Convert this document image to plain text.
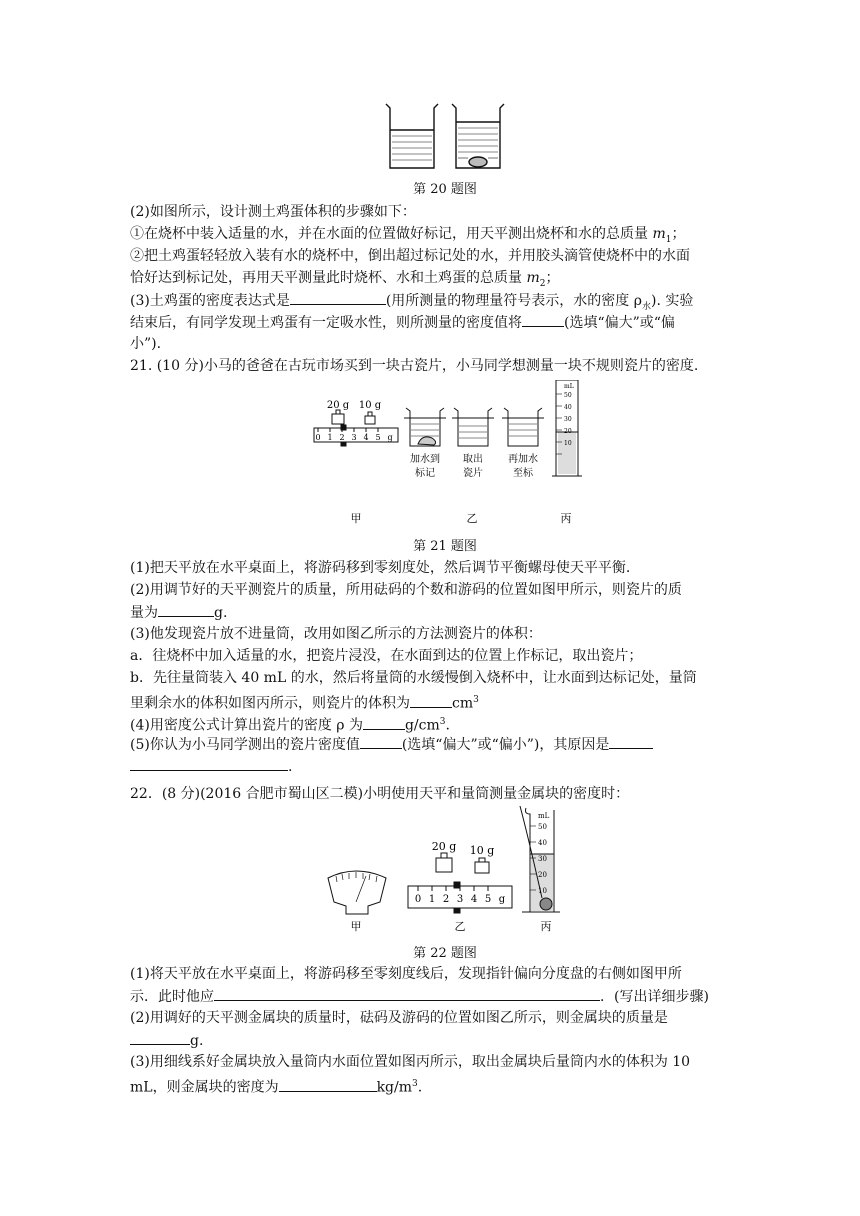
第 20 题图
(2)如图所示，设计测土鸡蛋体积的步骤如下：
①在烧杯中装入适量的水，并在水面的位置做好标记，用天平测出烧杯和水的总质量 $m_1$；
②把土鸡蛋轻轻放入装有水的烧杯中，倒出超过标记处的水，并用胶头滴管使烧杯中的水面
恰好达到标记处，再用天平测量此时烧杯、水和土鸡蛋的总质量 $m_2$；
(3)土鸡蛋的密度表达式是	(用所测量的物理量符号表示，水的密度 $\rho_水$). 实验
结束后，有同学发现土鸡蛋有一定吸水性，则所测量的密度值将	(选填“偏大”或“偏
小”).
21. (10 分)小马的爸爸在古玩市场买到一块古瓷片，小马同学想测量一块不规则瓷片的密度.
20 g 10 g
0 1 2 3 4 5 g
加水到
标记
取出
瓷片
再加水
至标
mL
50
40
30
20
10
甲	乙	丙
第 21 题图
(1)把天平放在水平桌面上，将游码移到零刻度处，然后调节平衡螺母使天平平衡.
(2)用调节好的天平测瓷片的质量，所用砝码的个数和游码的位置如图甲所示，则瓷片的质
量为	g.
(3)他发现瓷片放不进量筒，改用如图乙所示的方法测瓷片的体积：
a．往烧杯中加入适量的水，把瓷片浸没，在水面到达的位置上作标记，取出瓷片；
b．先往量筒装入 40 mL 的水，然后将量筒的水缓慢倒入烧杯中，让水面到达标记处，量筒
里剩余水的体积如图丙所示，则瓷片的体积为	$cm^3$
(4)用密度公式计算出瓷片的密度 ρ 为	$g/cm^3$.
(5)你认为小马同学测出的瓷片密度值	(选填“偏大”或“偏小”)，其原因是
.
22．(8 分)(2016 合肥市蜀山区二模)小明使用天平和量筒测量金属块的密度时：
20 g 10 g
0 1 2 3 4 5 g
mL
50
40
30
20
10
甲	乙	丙
第 22 题图
(1)将天平放在水平桌面上，将游码移至零刻度线后，发现指针偏向分度盘的右侧如图甲所
示．此时他应	．(写出详细步骤)
(2)用调好的天平测金属块的质量时，砝码及游码的位置如图乙所示，则金属块的质量是
g.
(3)用细线系好金属块放入量筒内水面位置如图丙所示，取出金属块后量筒内水的体积为 10
mL，则金属块的密度为	$kg/m^3$.
